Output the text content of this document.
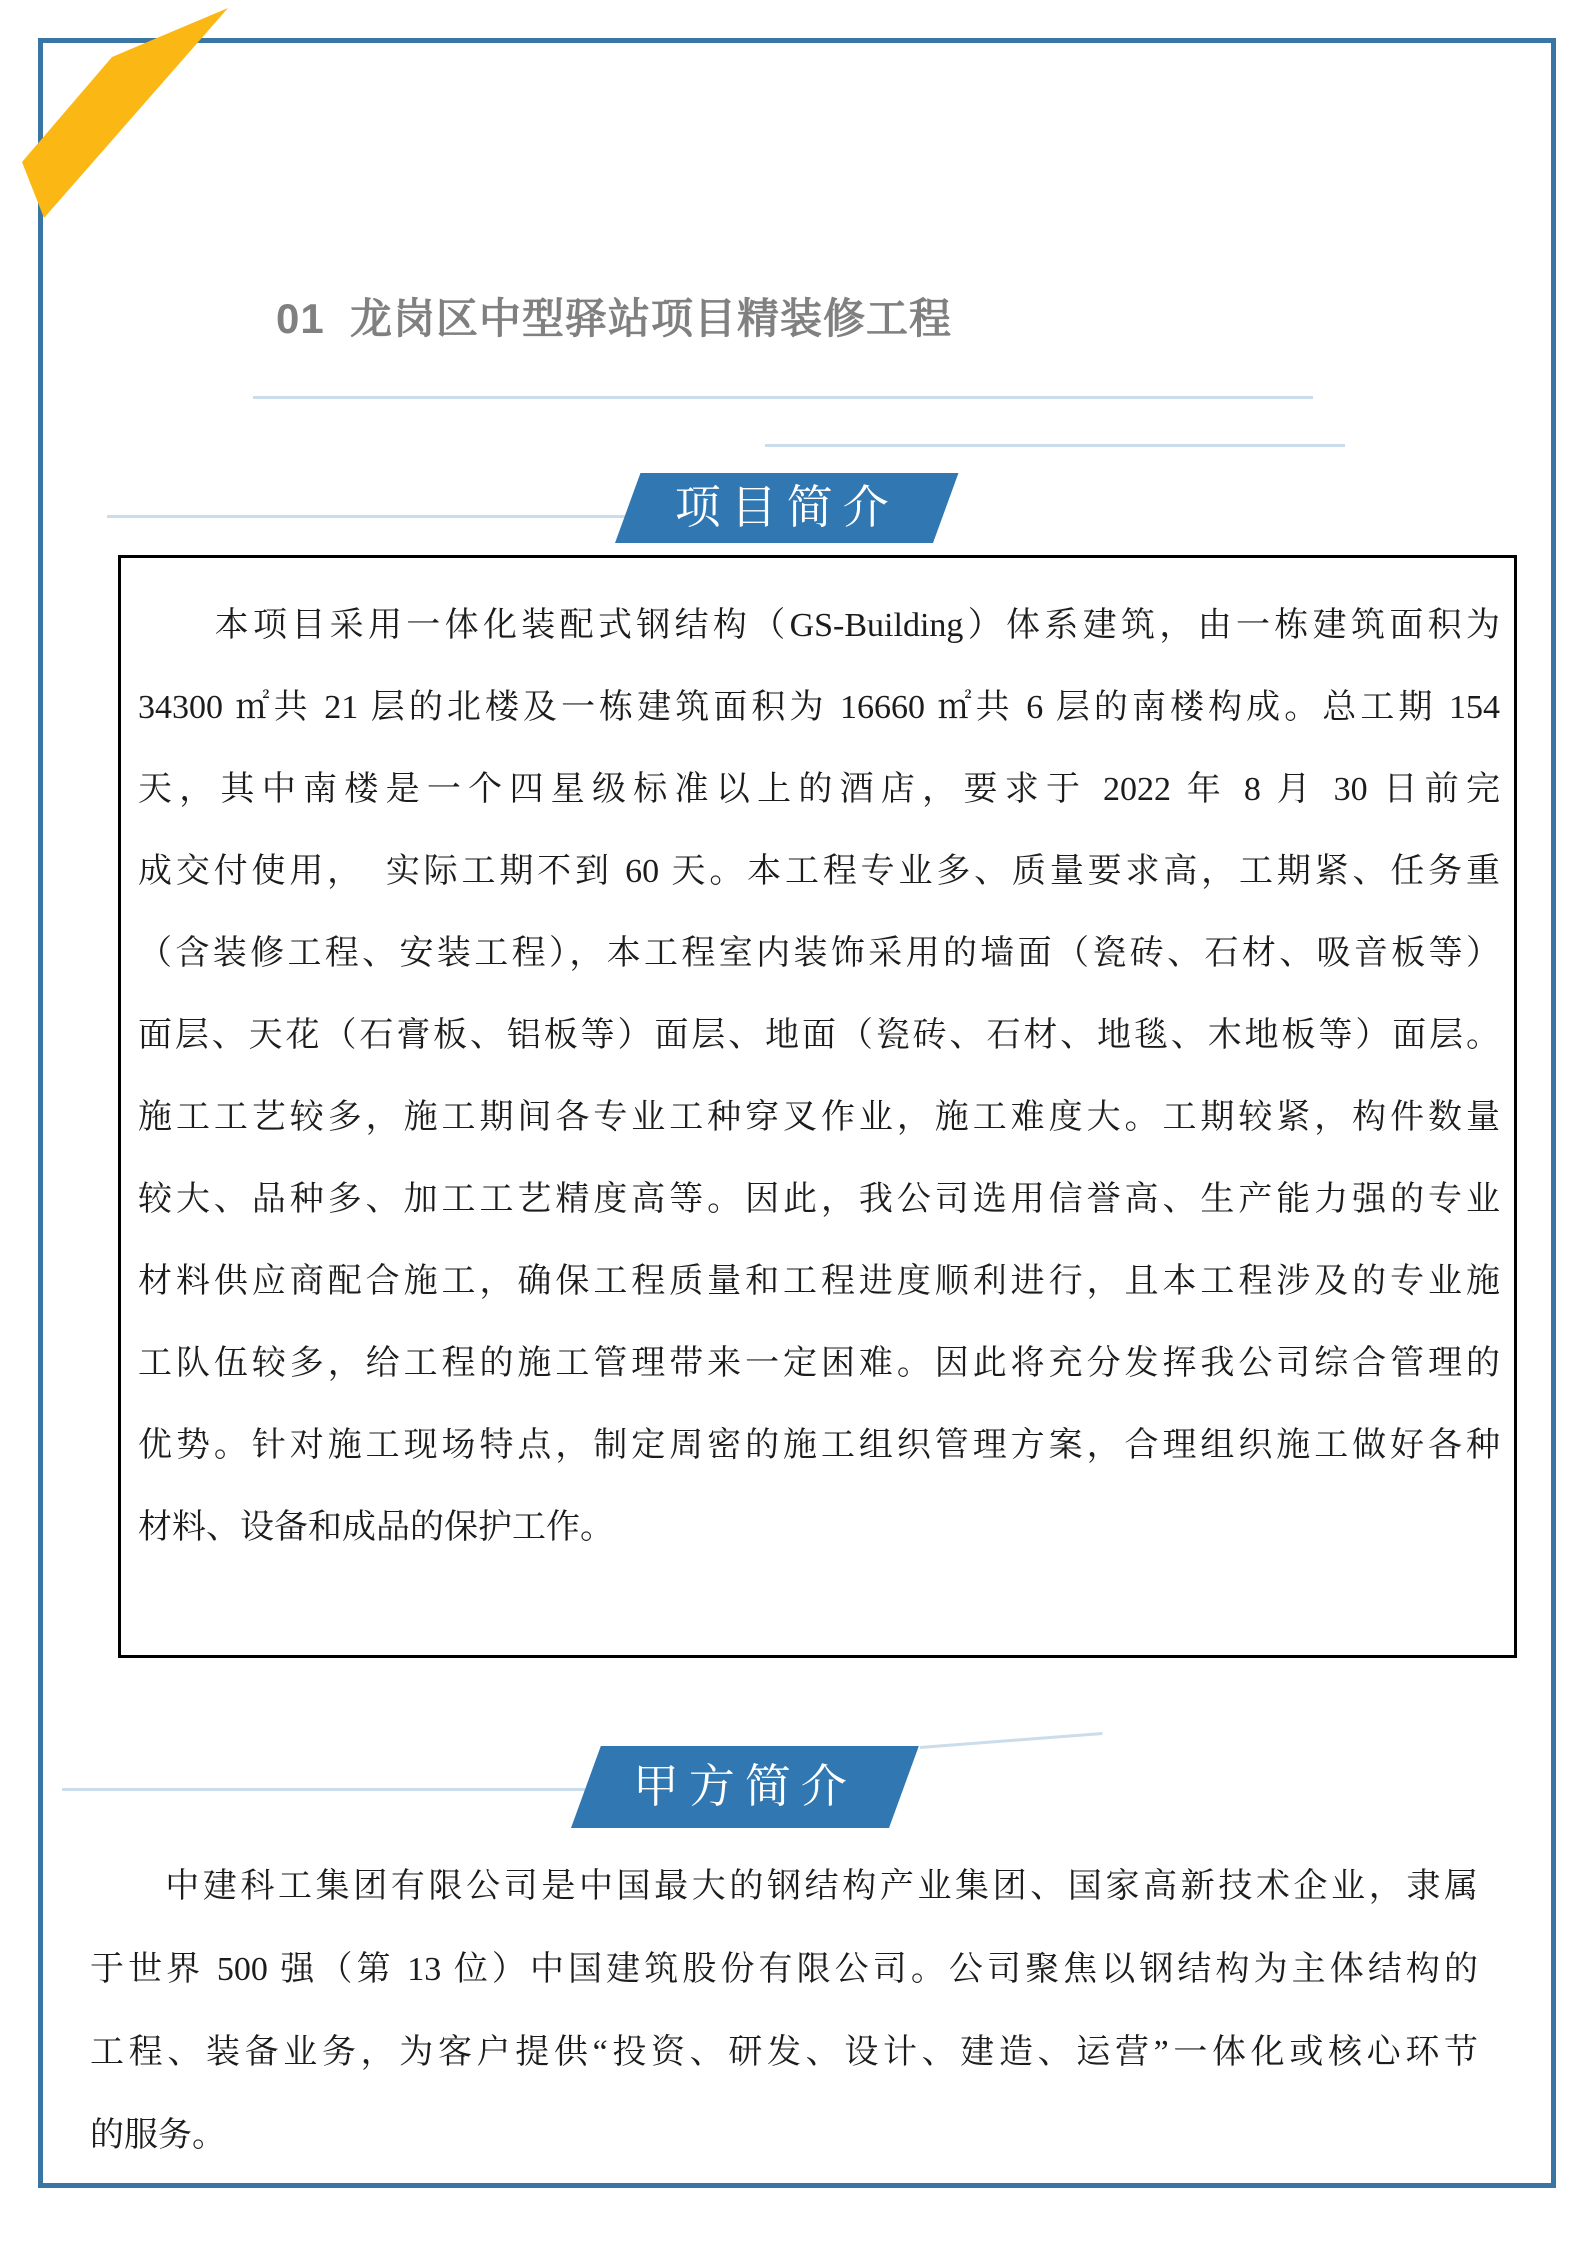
01  龙岗区中型驿站项目精装修工程
项目简介
　　本项目采用一体化装配式钢结构（GS-Building）体系建筑，由一栋建筑面积为
34300 ㎡共 21 层的北楼及一栋建筑面积为 16660 ㎡共 6 层的南楼构成。总工期 154
天，其中南楼是一个四星级标准以上的酒店，要求于 2022 年 8 月 30 日前完
成交付使用，　实际工期不到 60 天。本工程专业多、质量要求高，工期紧、任务重
（含装修工程、安装工程），本工程室内装饰采用的墙面（瓷砖、石材、吸音板等）
面层、天花（石膏板、铝板等）面层、地面（瓷砖、石材、地毯、木地板等）面层。
施工工艺较多，施工期间各专业工种穿叉作业，施工难度大。工期较紧，构件数量
较大、品种多、加工工艺精度高等。因此，我公司选用信誉高、生产能力强的专业
材料供应商配合施工，确保工程质量和工程进度顺利进行，且本工程涉及的专业施
工队伍较多，给工程的施工管理带来一定困难。因此将充分发挥我公司综合管理的
优势。针对施工现场特点，制定周密的施工组织管理方案，合理组织施工做好各种
材料、设备和成品的保护工作。
甲方简介
　　中建科工集团有限公司是中国最大的钢结构产业集团、国家高新技术企业，隶属
于世界 500 强（第 13 位）中国建筑股份有限公司。公司聚焦以钢结构为主体结构的
工程、装备业务，为客户提供“投资、研发、设计、建造、运营”一体化或核心环节
的服务。
